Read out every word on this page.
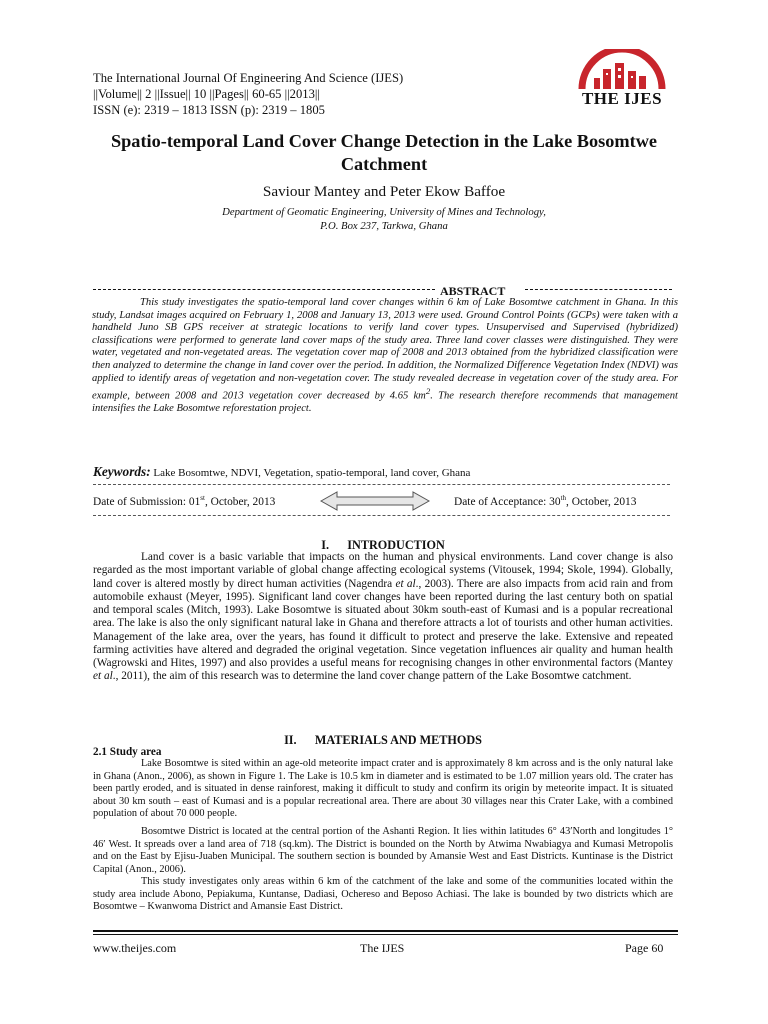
The International Journal Of Engineering And Science (IJES)
||Volume|| 2 ||Issue|| 10 ||Pages|| 60-65 ||2013||
ISSN (e): 2319 – 1813 ISSN (p): 2319 – 1805
THE IJES
Spatio-temporal Land Cover Change Detection in the Lake Bosomtwe Catchment
Saviour Mantey and Peter Ekow Baffoe
Department of Geomatic Engineering, University of Mines and Technology,
P.O. Box 237, Tarkwa, Ghana
ABSTRACT

This study investigates the spatio-temporal land cover changes within 6 km of Lake Bosomtwe catchment in Ghana. In this study, Landsat images acquired on February 1, 2008 and January 13, 2013 were used. Ground Control Points (GCPs) were taken with a handheld Juno SB GPS receiver at strategic locations to verify land cover types. Unsupervised and Supervised (hybridized) classifications were performed to generate land cover maps of the study area. Three land cover classes were distinguished. They were water, vegetated and non-vegetated areas. The vegetation cover map of 2008 and 2013 obtained from the hybridized classification were then analyzed to determine the change in land cover over the period. In addition, the Normalized Difference Vegetation Index (NDVI) was applied to identify areas of vegetation and non-vegetation cover. The study revealed decrease in vegetation cover of the study area. For example, between 2008 and 2013 vegetation cover decreased by 4.65 $km^2$. The research therefore recommends that management intensifies the Lake Bosomtwe reforestation project.

Keywords: Lake Bosomtwe, NDVI, Vegetation, spatio-temporal, land cover, Ghana
Date of Submission: 01st, October, 2013	Date of Acceptance: 30th, October, 2013
I. INTRODUCTION

Land cover is a basic variable that impacts on the human and physical environments. Land cover change is also regarded as the most important variable of global change affecting ecological systems (Vitousek, 1994; Skole, 1994). Globally, land cover is altered mostly by direct human activities (Nagendra et al., 2003). There are also impacts from acid rain and from automobile exhaust (Meyer, 1995). Significant land cover changes have been reported during the last century both on spatial and temporal scales (Mitch, 1993). Lake Bosomtwe is situated about 30km south-east of Kumasi and is a popular recreational area. The lake is also the only significant natural lake in Ghana and therefore attracts a lot of tourists and other human activities. Management of the lake area, over the years, has found it difficult to protect and preserve the lake. Extensive and repeated farming activities have altered and degraded the original vegetation. Since vegetation influences air quality and human health (Wagrowski and Hites, 1997) and also provides a useful means for recognising changes in other environmental factors (Mantey et al., 2011), the aim of this research was to determine the land cover change pattern of the Lake Bosomtwe catchment.

II. MATERIALS AND METHODS
2.1 Study area

Lake Bosomtwe is sited within an age-old meteorite impact crater and is approximately 8 km across and is the only natural lake in Ghana (Anon., 2006), as shown in Figure 1. The Lake is 10.5 km in diameter and is estimated to be 1.07 million years old. The crater has been partly eroded, and is situated in dense rainforest, making it difficult to study and confirm its origin by meteorite impact. It is situated about 30 km south – east of Kumasi and is a popular recreational area. There are about 30 villages near this Crater Lake, with a combined population of about 70 000 people.

Bosomtwe District is located at the central portion of the Ashanti Region. It lies within latitudes 6° 43′North and longitudes 1° 46′ West. It spreads over a land area of 718 (sq.km). The District is bounded on the North by Atwima Nwabiagya and Kumasi Metropolis and on the East by Ejisu-Juaben Municipal. The southern section is bounded by Amansie West and East Districts. Kuntinase is the District Capital (Anon., 2006).

This study investigates only areas within 6 km of the catchment of the lake and some of the communities located within the study area include Abono, Pepiakuma, Kuntanse, Dadiasi, Ochereso and Beposo Achiasi. The lake is bounded by two districts which are Bosomtwe – Kwanwoma District and Amansie East District.

www.theijes.com	The IJES	Page 60
